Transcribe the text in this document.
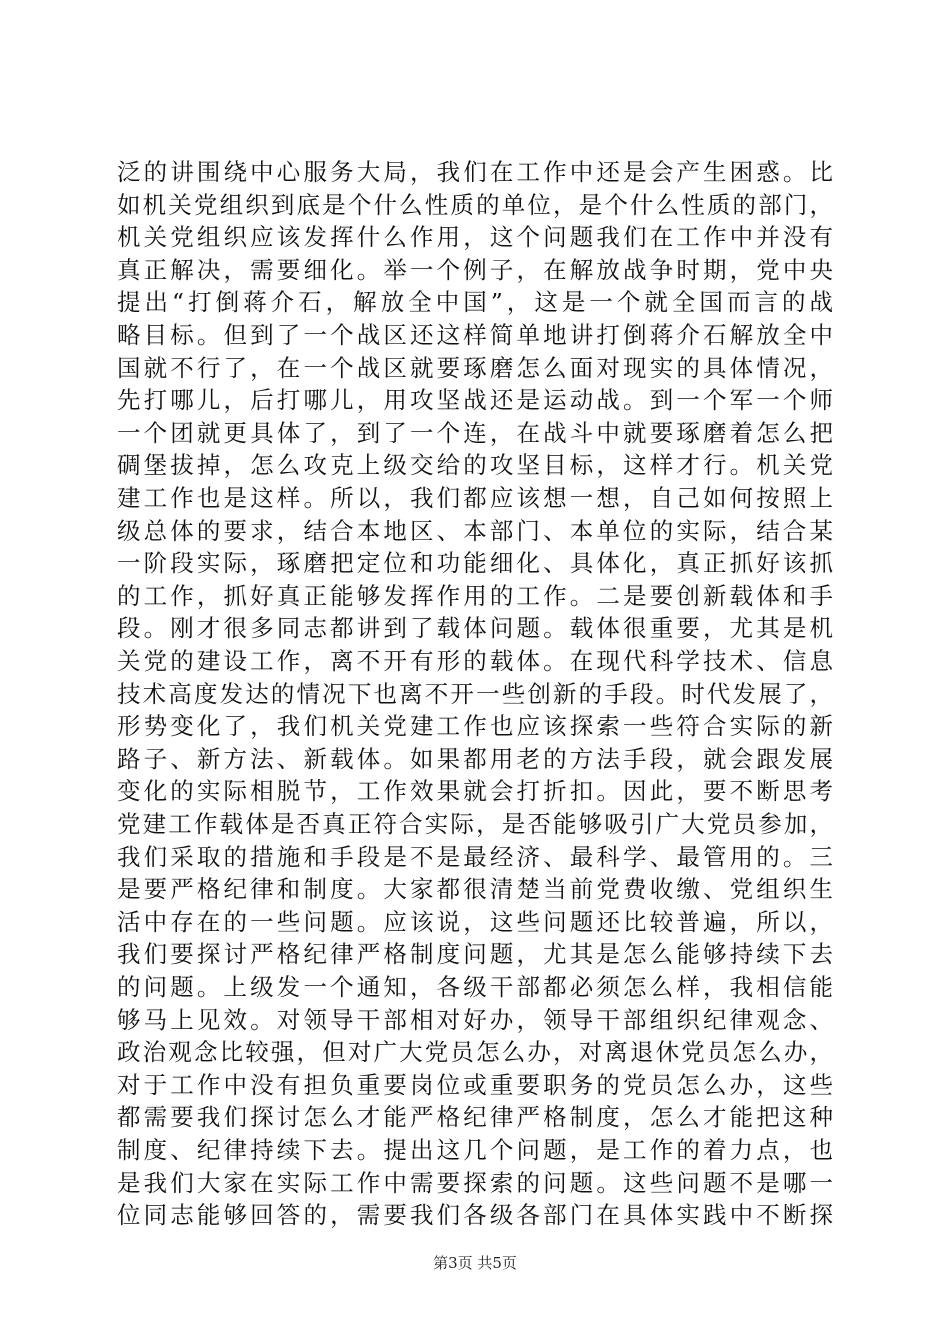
泛的讲围绕中心服务大局，我们在工作中还是会产生困惑。比
如机关党组织到底是个什么性质的单位，是个什么性质的部门，
机关党组织应该发挥什么作用，这个问题我们在工作中并没有
真正解决，需要细化。举一个例子，在解放战争时期，党中央
提出“打倒蒋介石，解放全中国”，这是一个就全国而言的战
略目标。但到了一个战区还这样简单地讲打倒蒋介石解放全中
国就不行了，在一个战区就要琢磨怎么面对现实的具体情况，
先打哪儿，后打哪儿，用攻坚战还是运动战。到一个军一个师
一个团就更具体了，到了一个连，在战斗中就要琢磨着怎么把
碉堡拔掉，怎么攻克上级交给的攻坚目标，这样才行。机关党
建工作也是这样。所以，我们都应该想一想，自己如何按照上
级总体的要求，结合本地区、本部门、本单位的实际，结合某
一阶段实际，琢磨把定位和功能细化、具体化，真正抓好该抓
的工作，抓好真正能够发挥作用的工作。二是要创新载体和手
段。刚才很多同志都讲到了载体问题。载体很重要，尤其是机
关党的建设工作，离不开有形的载体。在现代科学技术、信息
技术高度发达的情况下也离不开一些创新的手段。时代发展了，
形势变化了，我们机关党建工作也应该探索一些符合实际的新
路子、新方法、新载体。如果都用老的方法手段，就会跟发展
变化的实际相脱节，工作效果就会打折扣。因此，要不断思考
党建工作载体是否真正符合实际，是否能够吸引广大党员参加，
我们采取的措施和手段是不是最经济、最科学、最管用的。三
是要严格纪律和制度。大家都很清楚当前党费收缴、党组织生
活中存在的一些问题。应该说，这些问题还比较普遍，所以，
我们要探讨严格纪律严格制度问题，尤其是怎么能够持续下去
的问题。上级发一个通知，各级干部都必须怎么样，我相信能
够马上见效。对领导干部相对好办，领导干部组织纪律观念、
政治观念比较强，但对广大党员怎么办，对离退休党员怎么办，
对于工作中没有担负重要岗位或重要职务的党员怎么办，这些
都需要我们探讨怎么才能严格纪律严格制度，怎么才能把这种
制度、纪律持续下去。提出这几个问题，是工作的着力点，也
是我们大家在实际工作中需要探索的问题。这些问题不是哪一
位同志能够回答的，需要我们各级各部门在具体实践中不断探
第3页 共5页
